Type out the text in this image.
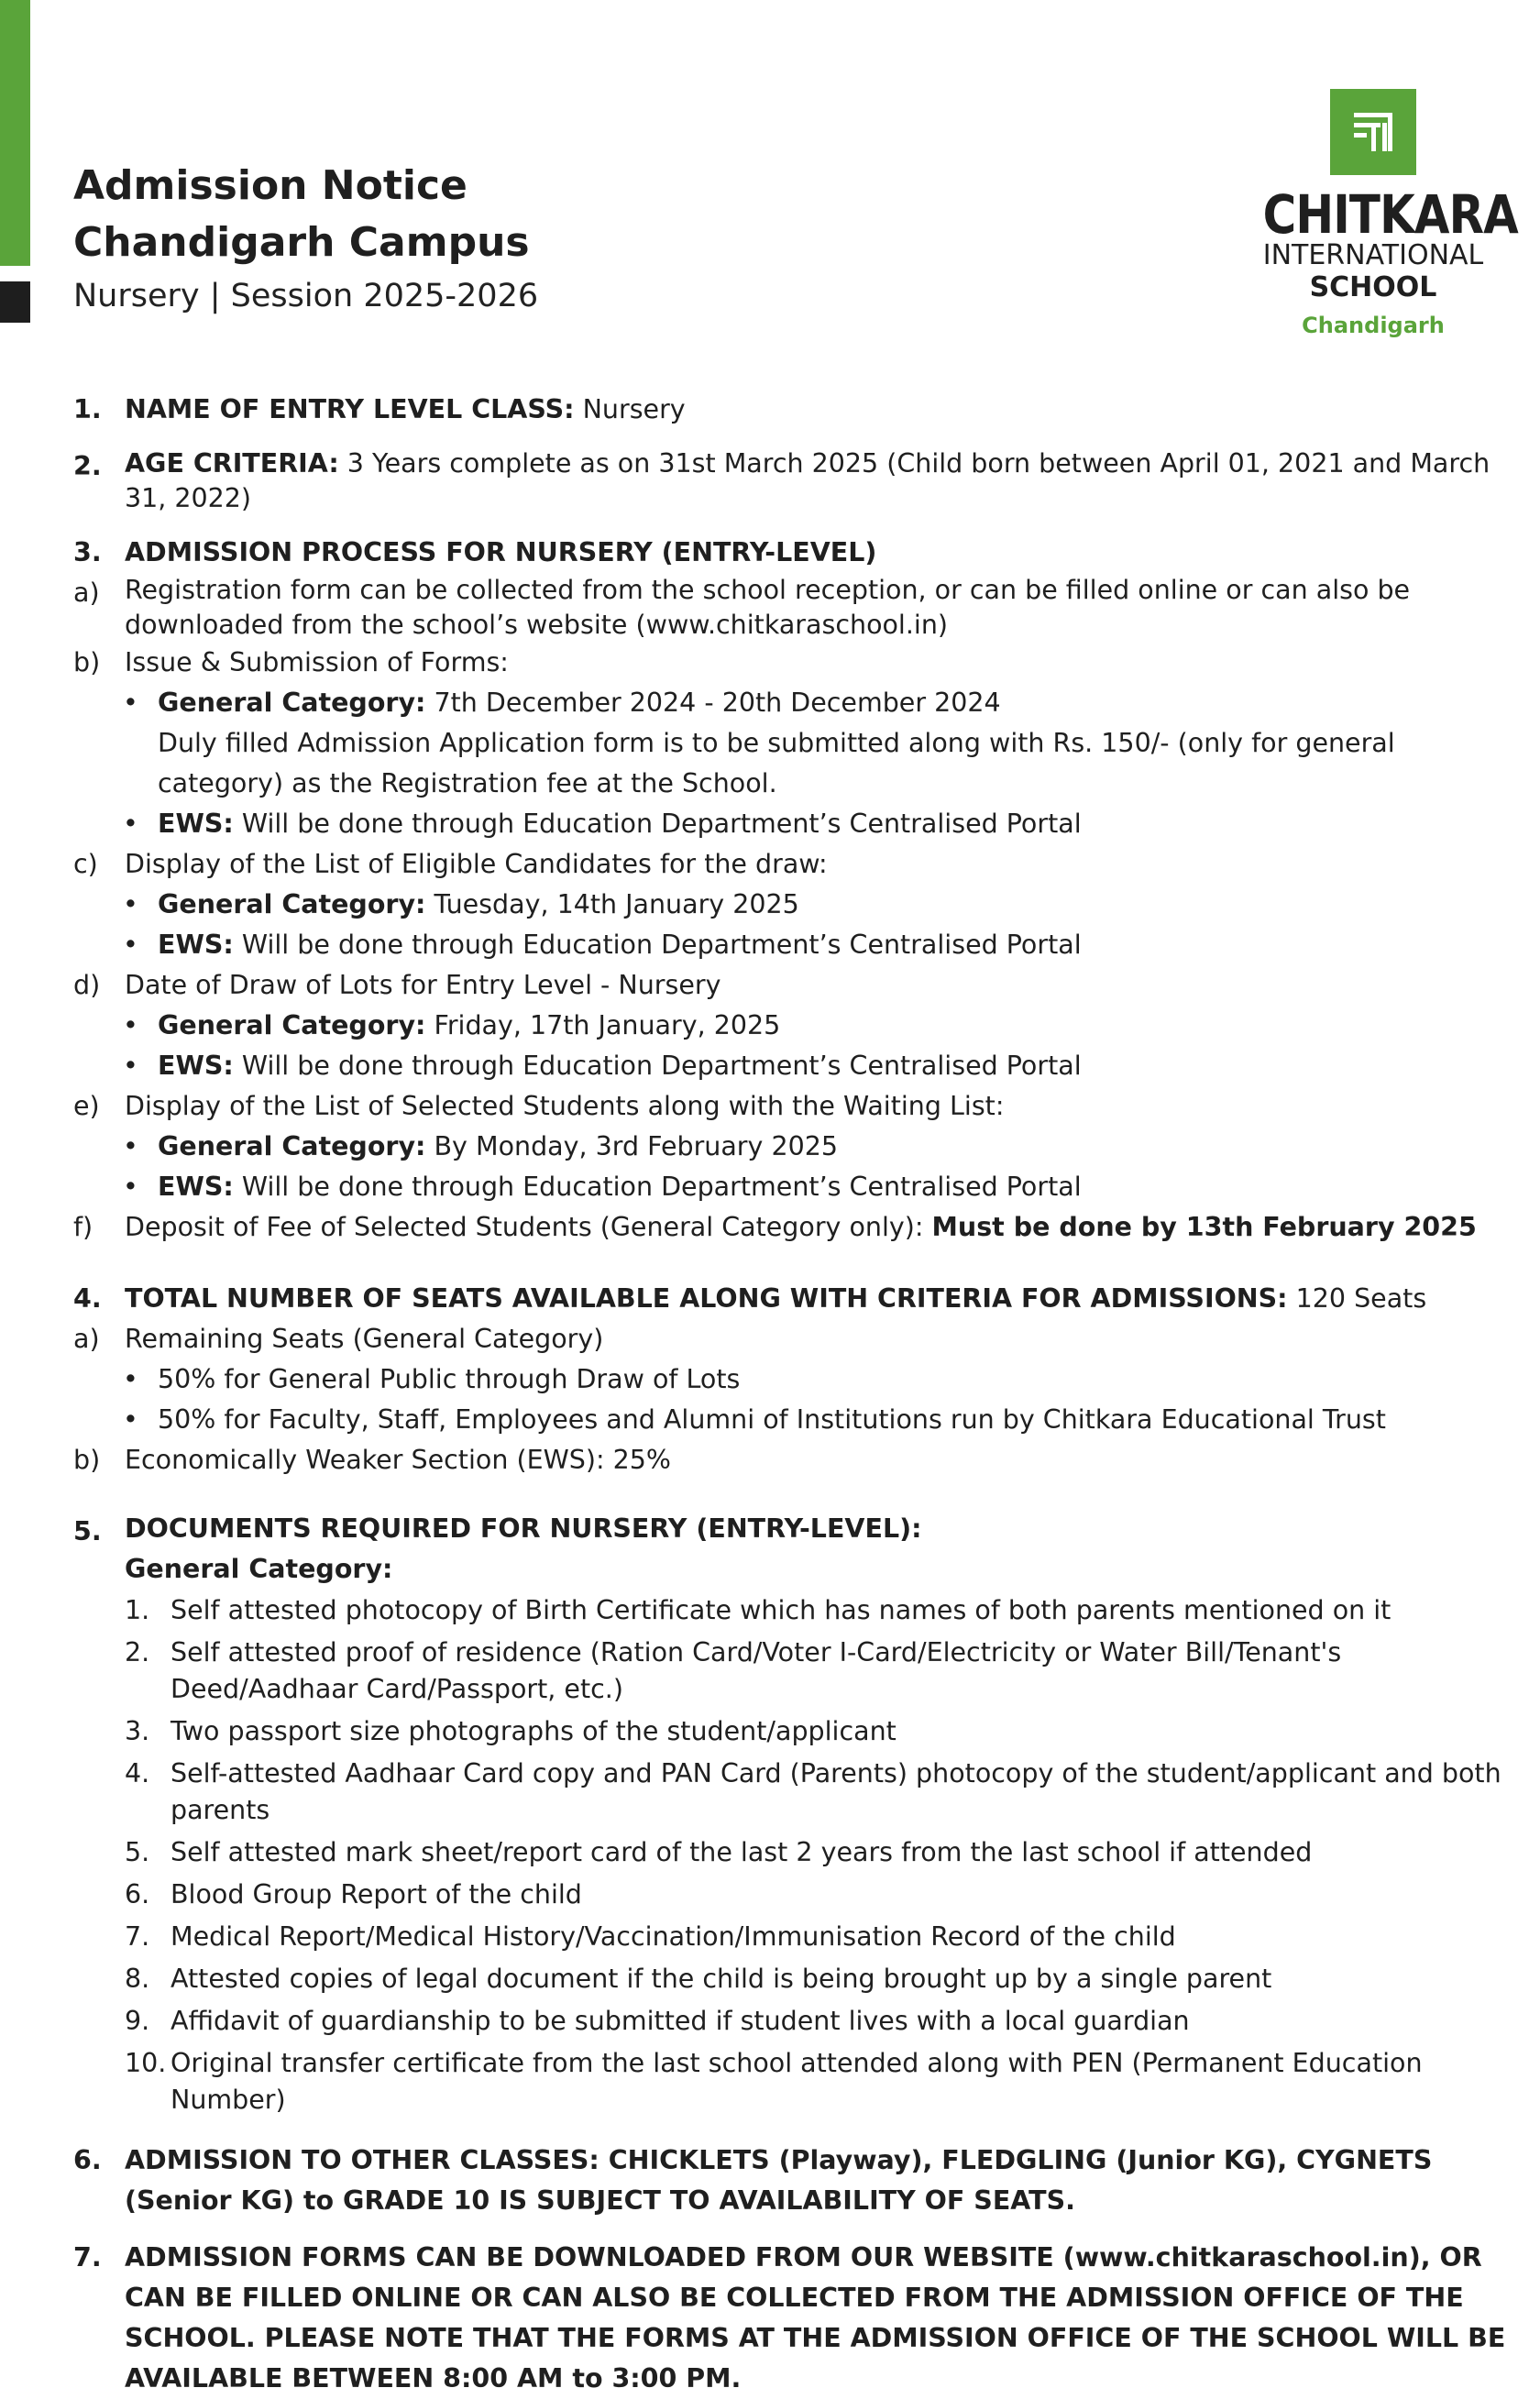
Admission Notice
Chandigarh Campus
Nursery | Session 2025-2026
CHITKARA
INTERNATIONAL
SCHOOL
Chandigarh
1. NAME OF ENTRY LEVEL CLASS: Nursery
2. AGE CRITERIA: 3 Years complete as on 31st March 2025 (Child born between April 01, 2021 and March 31, 2022)
3. ADMISSION PROCESS FOR NURSERY (ENTRY-LEVEL)
a) Registration form can be collected from the school reception, or can be filled online or can also be downloaded from the school’s website (www.chitkaraschool.in)
b) Issue & Submission of Forms:
• General Category: 7th December 2024 - 20th December 2024
Duly filled Admission Application form is to be submitted along with Rs. 150/- (only for general category) as the Registration fee at the School.
• EWS: Will be done through Education Department’s Centralised Portal
c)	Display of the List of Eligible Candidates for the draw:
• General Category: Tuesday, 14th January 2025
• EWS: Will be done through Education Department’s Centralised Portal
d) Date of Draw of Lots for Entry Level - Nursery
• General Category: Friday, 17th January, 2025
• EWS: Will be done through Education Department’s Centralised Portal
e) Display of the List of Selected Students along with the Waiting List:
• General Category: By Monday, 3rd February 2025
• EWS: Will be done through Education Department’s Centralised Portal
f)	Deposit of Fee of Selected Students (General Category only): Must be done by 13th February 2025
4. TOTAL NUMBER OF SEATS AVAILABLE ALONG WITH CRITERIA FOR ADMISSIONS: 120 Seats
a) Remaining Seats (General Category)
• 50% for General Public through Draw of Lots
• 50% for Faculty, Staff, Employees and Alumni of Institutions run by Chitkara Educational Trust
b) Economically Weaker Section (EWS): 25%
5. DOCUMENTS REQUIRED FOR NURSERY (ENTRY-LEVEL):
General Category:
1. Self attested photocopy of Birth Certificate which has names of both parents mentioned on it
2. Self attested proof of residence (Ration Card/Voter I-Card/Electricity or Water Bill/Tenant's Deed/Aadhaar Card/Passport, etc.)
3. Two passport size photographs of the student/applicant
4. Self-attested Aadhaar Card copy and PAN Card (Parents) photocopy of the student/applicant and both parents
5. Self attested mark sheet/report card of the last 2 years from the last school if attended
6. Blood Group Report of the child
7. Medical Report/Medical History/Vaccination/Immunisation Record of the child
8. Attested copies of legal document if the child is being brought up by a single parent
9. Affidavit of guardianship to be submitted if student lives with a local guardian
10. Original transfer certificate from the last school attended along with PEN (Permanent Education Number)
6. ADMISSION TO OTHER CLASSES: CHICKLETS (Playway), FLEDGLING (Junior KG), CYGNETS (Senior KG) to GRADE 10 IS SUBJECT TO AVAILABILITY OF SEATS.
7. ADMISSION FORMS CAN BE DOWNLOADED FROM OUR WEBSITE (www.chitkaraschool.in), OR CAN BE FILLED ONLINE OR CAN ALSO BE COLLECTED FROM THE ADMISSION OFFICE OF THE SCHOOL. PLEASE NOTE THAT THE FORMS AT THE ADMISSION OFFICE OF THE SCHOOL WILL BE AVAILABLE BETWEEN 8:00 AM to 3:00 PM.
